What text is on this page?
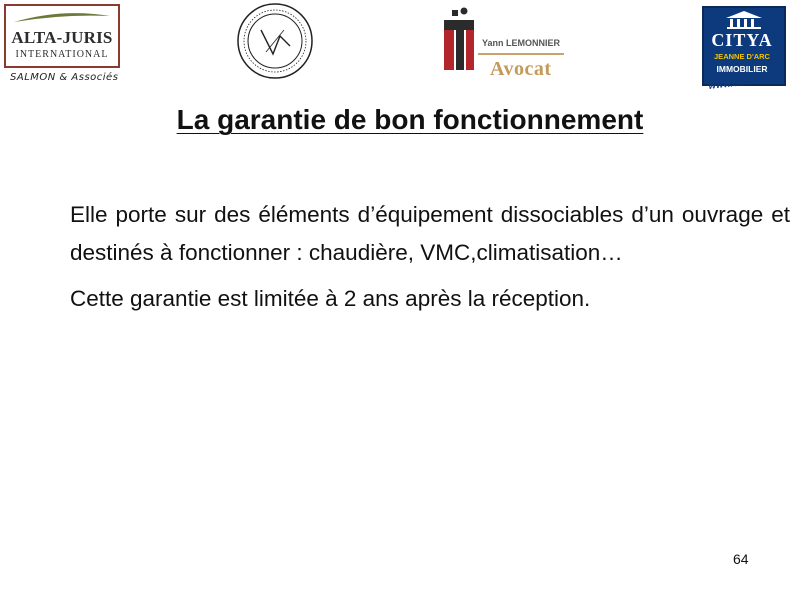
ALTA-JURIS
INTERNATIONAL
SALMON & Associés
Yann LEMONNIER
Avocat
CITYA
JEANNE D'ARC
IMMOBILIER
WWW.CITYA.COM
La garantie de bon fonctionnement

Elle porte sur des éléments d’équipement dissociables d’un ouvrage et destinés à fonctionner : chaudière, VMC,climatisation…

Cette garantie est limitée à 2 ans après la réception.

64
